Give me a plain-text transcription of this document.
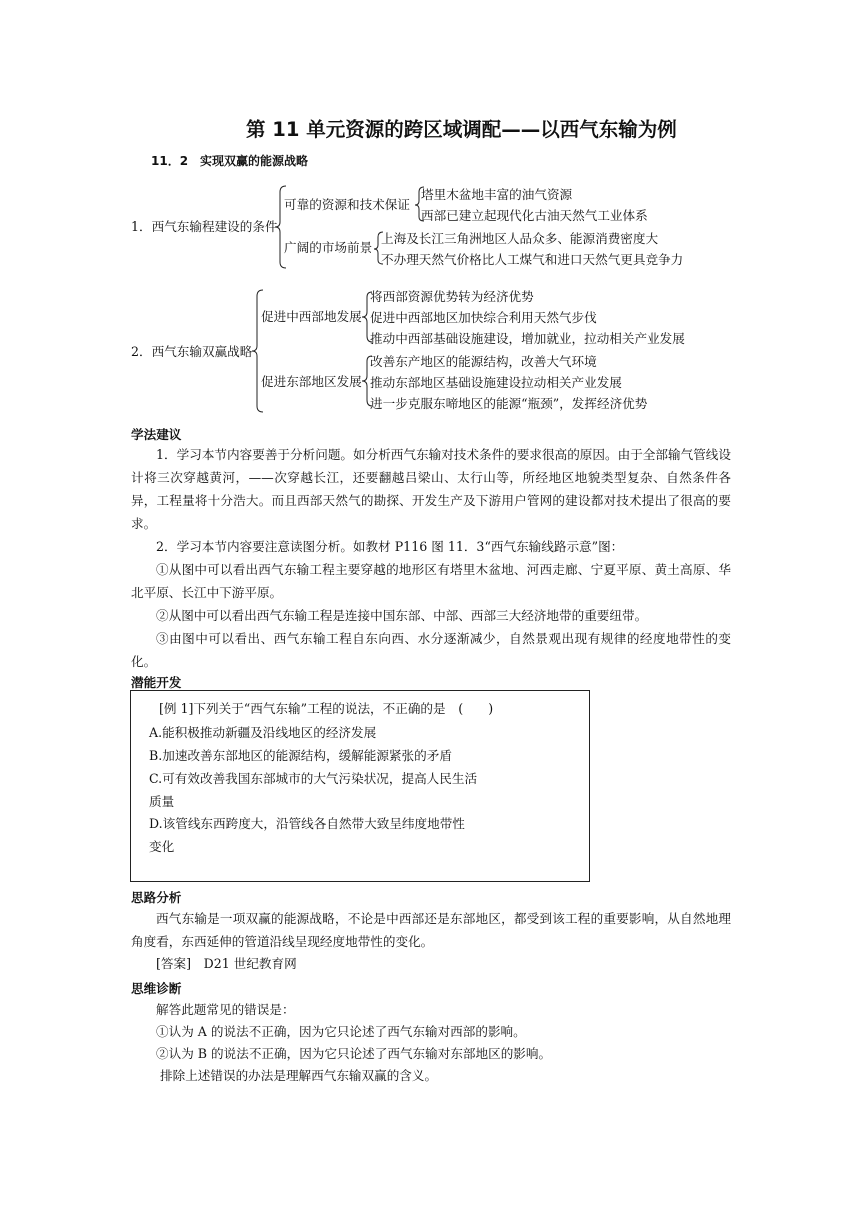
第 11 单元资源的跨区域调配——以西气东输为例
11．2　实现双赢的能源战略
1．西气东输程建设的条件
可靠的资源和技术保证
塔里木盆地丰富的油气资源
西部已建立起现代化古油天然气工业体系
广阔的市场前景
上海及长江三角洲地区人品众多、能源消费密度大
不办理天然气价格比人工煤气和进口天然气更具竞争力
2．西气东输双赢战略
促进中西部地发展
将西部资源优势转为经济优势
促进中西部地区加快综合利用天然气步伐
推动中西部基础设施建设，增加就业，拉动相关产业发展
促进东部地区发展
改善东产地区的能源结构，改善大气环境
推动东部地区基础设施建设拉动相关产业发展
进一步克服东啼地区的能源“瓶颈”，发挥经济优势
学法建议
1．学习本节内容要善于分析问题。如分析西气东输对技术条件的要求很高的原因。由于全部输气管线设计将三次穿越黄河，——次穿越长江，还要翻越吕梁山、太行山等，所经地区地貌类型复杂、自然条件各异，工程量将十分浩大。而且西部天然气的勘探、开发生产及下游用户管网的建设都对技术提出了很高的要求。
2．学习本节内容要注意读图分析。如教材 P116 图 11．3“西气东输线路示意”图：
①从图中可以看出西气东输工程主要穿越的地形区有塔里木盆地、河西走廊、宁夏平原、黄土高原、华北平原、长江中下游平原。
②从图中可以看出西气东输工程是连接中国东部、中部、西部三大经济地带的重要纽带。
③由图中可以看出、西气东输工程自东向西、水分逐渐减少，自然景观出现有规律的经度地带性的变化。
潜能开发
[例 1]下列关于“西气东输”工程的说法，不正确的是　(　　)
A.能积极推动新疆及沿线地区的经济发展
B.加速改善东部地区的能源结构，缓解能源紧张的矛盾
C.可有效改善我国东部城市的大气污染状况，提高人民生活
质量
D.该管线东西跨度大，沿管线各自然带大致呈纬度地带性
变化
思路分析
西气东输是一项双赢的能源战略，不论是中西部还是东部地区，都受到该工程的重要影响，从自然地理角度看，东西延伸的管道沿线呈现经度地带性的变化。
[答案]　D21 世纪教育网
思维诊断
解答此题常见的错误是：
①认为 A 的说法不正确，因为它只论述了西气东输对西部的影响。
②认为 B 的说法不正确，因为它只论述了西气东输对东部地区的影响。
排除上述错误的办法是理解西气东输双赢的含义。
